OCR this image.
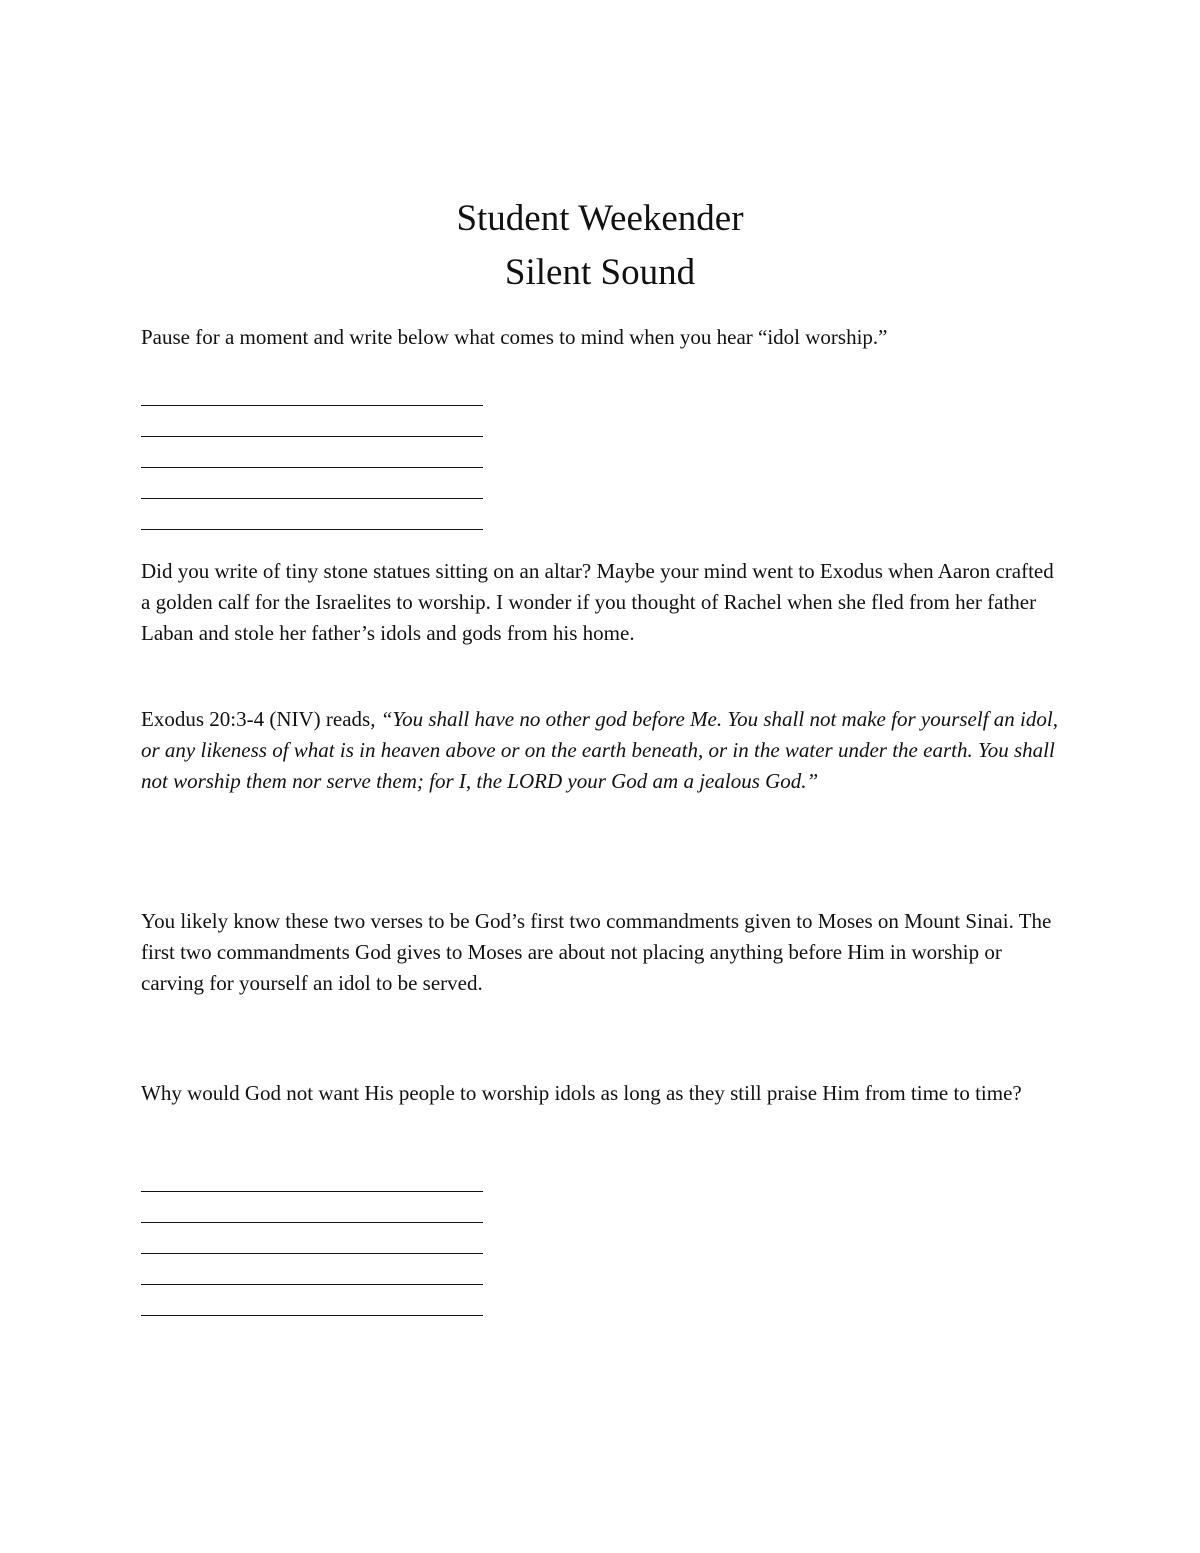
Student Weekender
Silent Sound

Pause for a moment and write below what comes to mind when you hear “idol worship.”

Did you write of tiny stone statues sitting on an altar? Maybe your mind went to Exodus when Aaron crafted a golden calf for the Israelites to worship. I wonder if you thought of Rachel when she fled from her father Laban and stole her father’s idols and gods from his home.

Exodus 20:3-4 (NIV) reads, “You shall have no other god before Me. You shall not make for yourself an idol, or any likeness of what is in heaven above or on the earth beneath, or in the water under the earth. You shall not worship them nor serve them; for I, the LORD your God am a jealous God.”

You likely know these two verses to be God’s first two commandments given to Moses on Mount Sinai. The first two commandments God gives to Moses are about not placing anything before Him in worship or carving for yourself an idol to be served.

Why would God not want His people to worship idols as long as they still praise Him from time to time?
